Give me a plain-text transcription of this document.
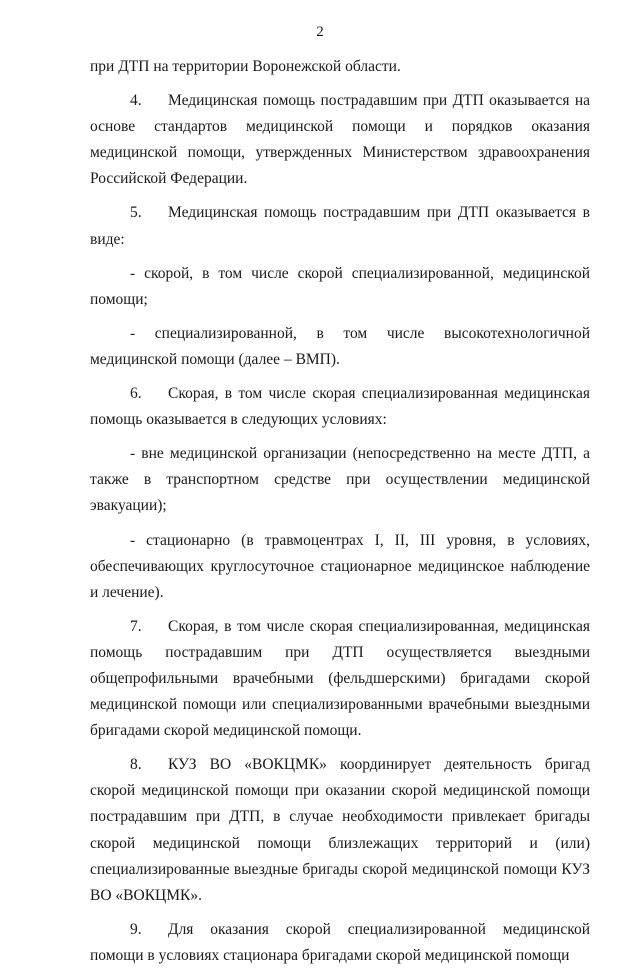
2

при ДТП на территории Воронежской области.

4. Медицинская помощь пострадавшим при ДТП оказывается на основе стандартов медицинской помощи и порядков оказания медицинской помощи, утвержденных Министерством здравоохранения Российской Федерации.

5. Медицинская помощь пострадавшим при ДТП оказывается в виде:

- скорой, в том числе скорой специализированной, медицинской помощи;

- специализированной, в том числе высокотехнологичной медицинской помощи (далее – ВМП).

6. Скорая, в том числе скорая специализированная медицинская помощь оказывается в следующих условиях:

- вне медицинской организации (непосредственно на месте ДТП, а также в транспортном средстве при осуществлении медицинской эвакуации);

- стационарно (в травмоцентрах I, II, III уровня, в условиях, обеспечивающих круглосуточное стационарное медицинское наблюдение и лечение).

7. Скорая, в том числе скорая специализированная, медицинская помощь пострадавшим при ДТП осуществляется выездными общепрофильными врачебными (фельдшерскими) бригадами скорой медицинской помощи или специализированными врачебными выездными бригадами скорой медицинской помощи.

8. КУЗ ВО «ВОКЦМК» координирует деятельность бригад скорой медицинской помощи при оказании скорой медицинской помощи пострадавшим при ДТП, в случае необходимости привлекает бригады скорой медицинской помощи близлежащих территорий и (или) специализированные выездные бригады скорой медицинской помощи КУЗ ВО «ВОКЦМК».

9. Для оказания скорой специализированной медицинской помощи в условиях стационара бригадами скорой медицинской помощи
